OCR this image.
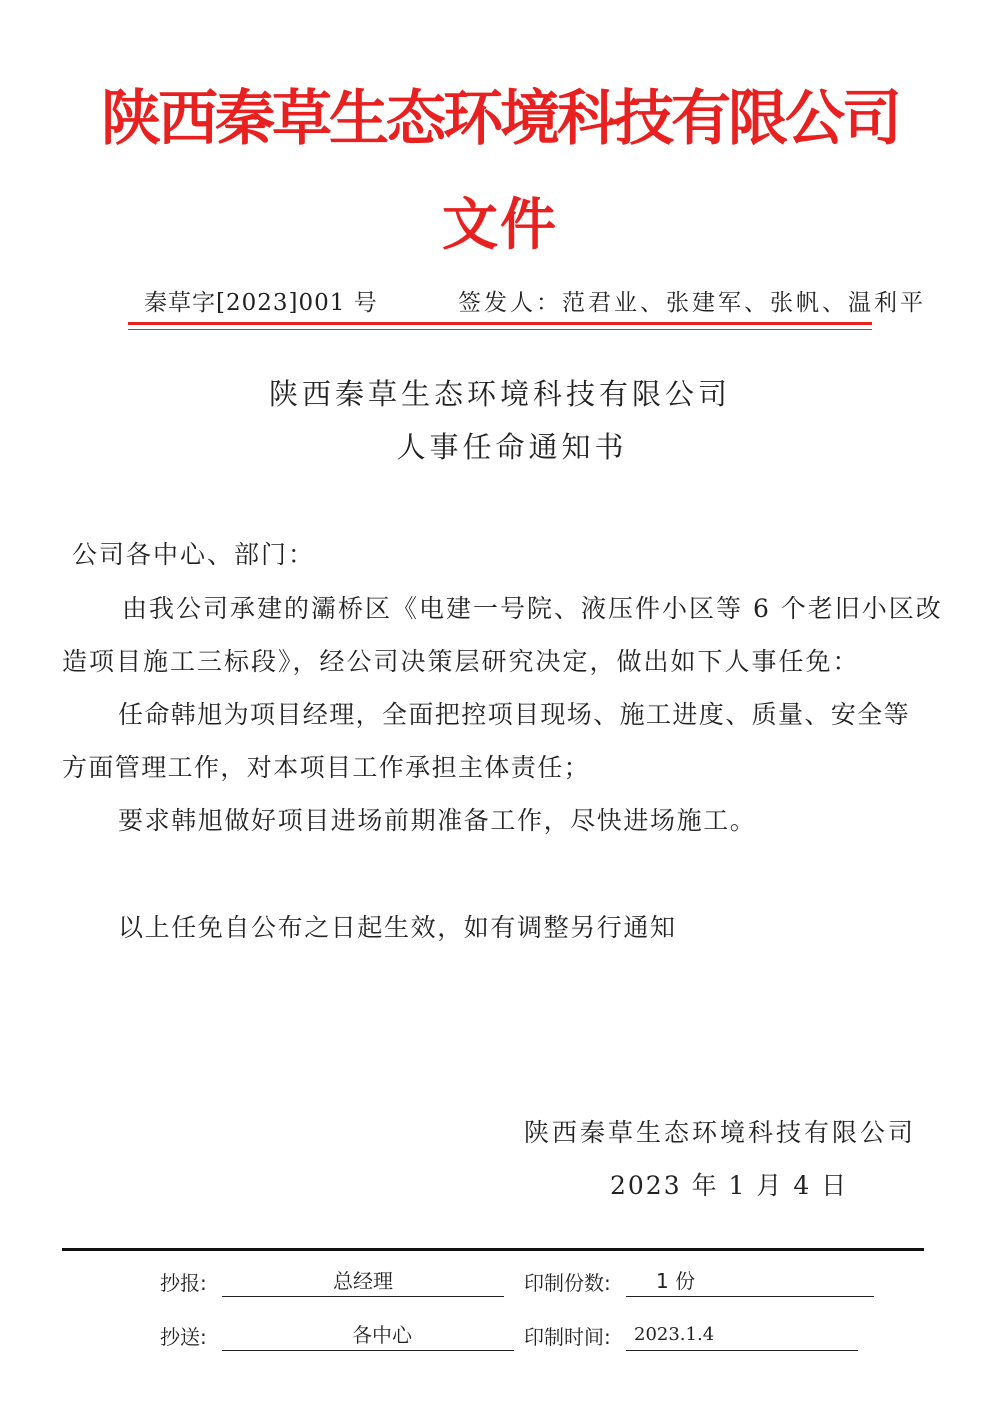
陕西秦草生态环境科技有限公司
文件
秦草字[2023]001 号	签发人：范君业、张建军、张帆、温利平
陕西秦草生态环境科技有限公司
人事任命通知书
公司各中心、部门：
由我公司承建的灞桥区《电建一号院、液压件小区等 6 个老旧小区改
造项目施工三标段》，经公司决策层研究决定，做出如下人事任免：
任命韩旭为项目经理，全面把控项目现场、施工进度、质量、安全等
方面管理工作，对本项目工作承担主体责任；
要求韩旭做好项目进场前期准备工作，尽快进场施工。
以上任免自公布之日起生效，如有调整另行通知
陕西秦草生态环境科技有限公司
2023 年 1 月 4 日
抄报:	总经理	印制份数:	1 份
抄送:	各中心	印制时间:	2023.1.4
